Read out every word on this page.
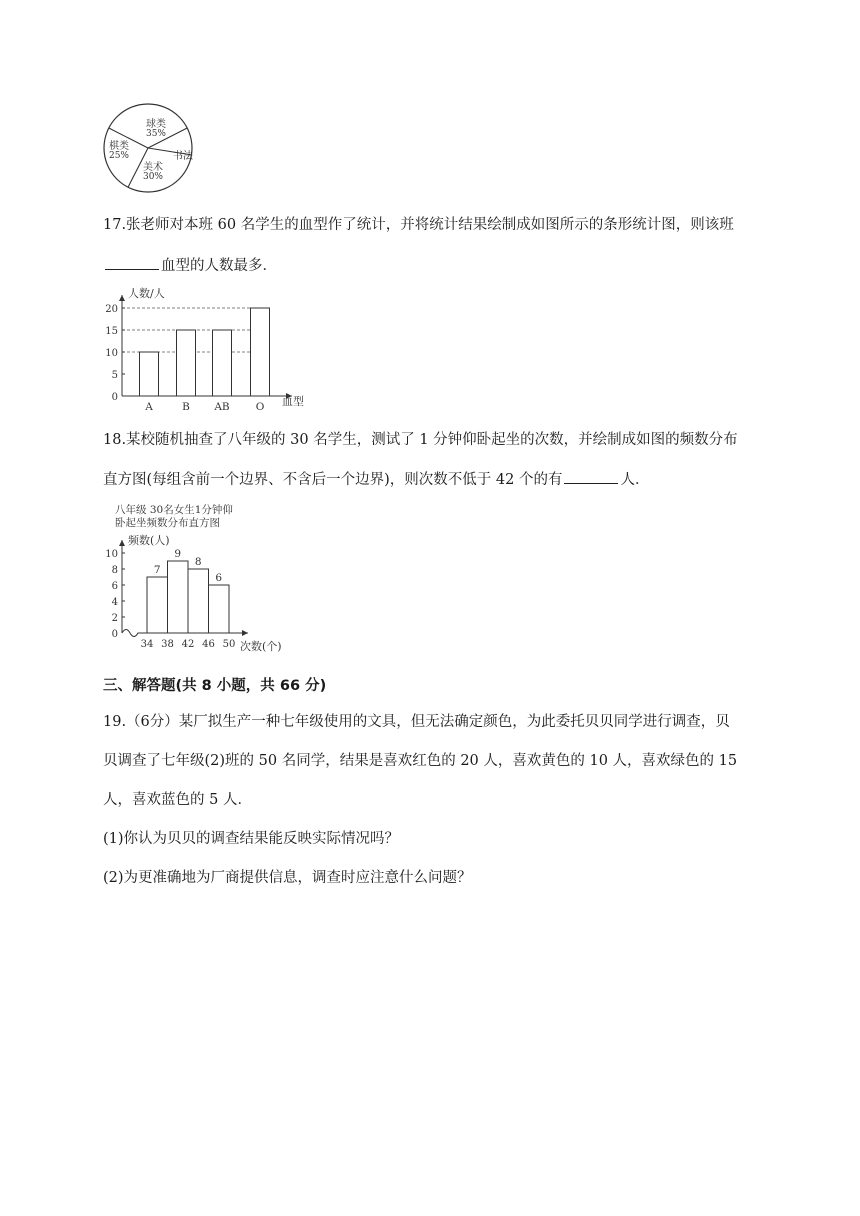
球类
35%
棋类
25%
美术
30%
书法
17.张老师对本班 60 名学生的血型作了统计，并将统计结果绘制成如图所示的条形统计图，则该班
血型的人数最多．
0
5
10
15
20
A	B AB O
人数/人
血型
18.某校随机抽查了八年级的 30 名学生，测试了 1 分钟仰卧起坐的次数，并绘制成如图的频数分布
直方图(每组含前一个边界、不含后一个边界)，则次数不低于 42 个的有	人．
八年级 30名女生1分钟仰
卧起坐频数分布直方图
频数(人)
0
2
4
6
8
10
34 38 42 46 50
7
9
8
6
次数(个)
三、解答题(共 8 小题，共 66 分)
19.（6分）某厂拟生产一种七年级使用的文具，但无法确定颜色，为此委托贝贝同学进行调查，贝
贝调查了七年级(2)班的 50 名同学，结果是喜欢红色的 20 人，喜欢黄色的 10 人，喜欢绿色的 15
人，喜欢蓝色的 5 人．
(1)你认为贝贝的调查结果能反映实际情况吗？
(2)为更准确地为厂商提供信息，调查时应注意什么问题？
